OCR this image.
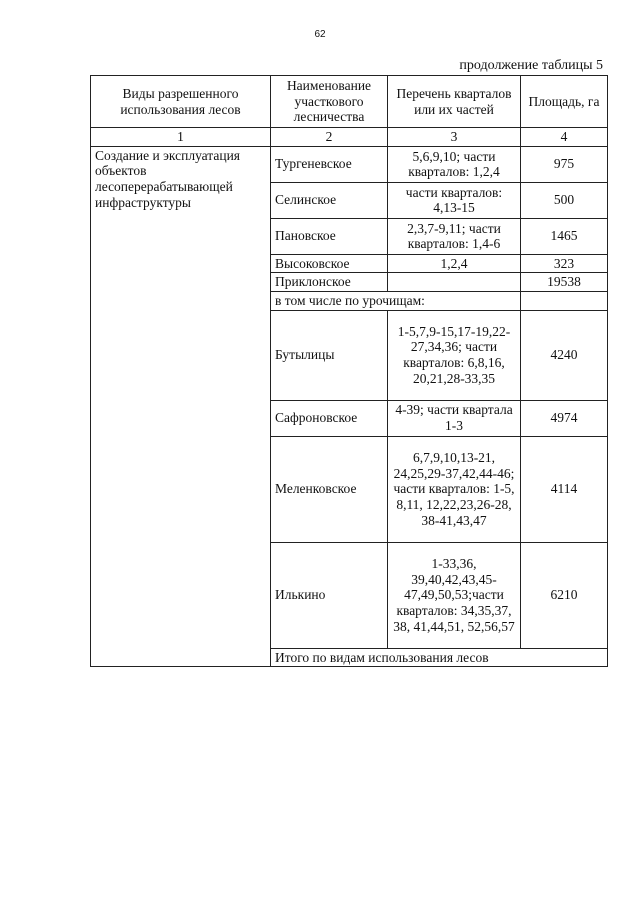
62
продолжение таблицы 5
Виды разрешенного использования лесов	Наименование участкового лесничества	Перечень кварталов или их частей	Площадь, га	
1	2	3	4	
Создание и эксплуатация объектов лесоперерабатывающей инфраструктуры	Тургеневское	5,6,9,10; части кварталов: 1,2,4	975	
	Селинское	части кварталов: 4,13-15	500	
	Пановское	2,3,7-9,11; части кварталов: 1,4-6	1465	
	Высоковское	1,2,4	323	
	Приклонское		19538	
	в том числе по урочищам:			
	Бутылицы	1-5,7,9-15,17-19,22-27,34,36; части кварталов: 6,8,16, 20,21,28-33,35	4240	
	Сафроновское	4-39; части квартала 1-3	4974	
	Меленковское	6,7,9,10,13-21, 24,25,29-37,42,44-46; части кварталов: 1-5, 8,11, 12,22,23,26-28, 38-41,43,47	4114	
	Илькино	1-33,36, 39,40,42,43,45-47,49,50,53;части кварталов: 34,35,37, 38, 41,44,51, 52,56,57	6210	
	Итого по видам использования лесов	
